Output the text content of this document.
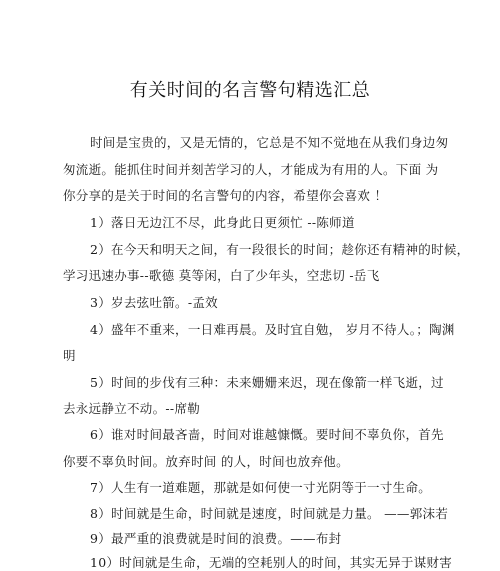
有关时间的名言警句精选汇总
时间是宝贵的，又是无情的，它总是不知不觉地在从我们身边匆
匆流逝。能抓住时间并刻苦学习的人，才能成为有用的人。下面 为
你分享的是关于时间的名言警句的内容，希望你会喜欢 ！
1）落日无边江不尽，此身此日更须忙 --陈师道
2）在今天和明天之间，有一段很长的时间；趁你还有精神的时候，
学习迅速办事--歌德 莫等闲，白了少年头，空悲切 -岳飞
3）岁去弦吐箭。-孟效
4）盛年不重来，一日难再晨。及时宜自勉， 岁月不待人。；陶渊
明
5）时间的步伐有三种：未来姗姗来迟，现在像箭一样飞逝，过
去永远静立不动。--席勒
6）谁对时间最吝啬，时间对谁越慷慨。要时间不辜负你，首先
你要不辜负时间。放弃时间 的人，时间也放弃他。
7）人生有一道难题，那就是如何使一寸光阴等于一寸生命。
8）时间就是生命，时间就是速度，时间就是力量。 ——郭沫若
9）最严重的浪费就是时间的浪费。——布封
10）时间就是生命，无端的空耗别人的时间，其实无异于谋财害
